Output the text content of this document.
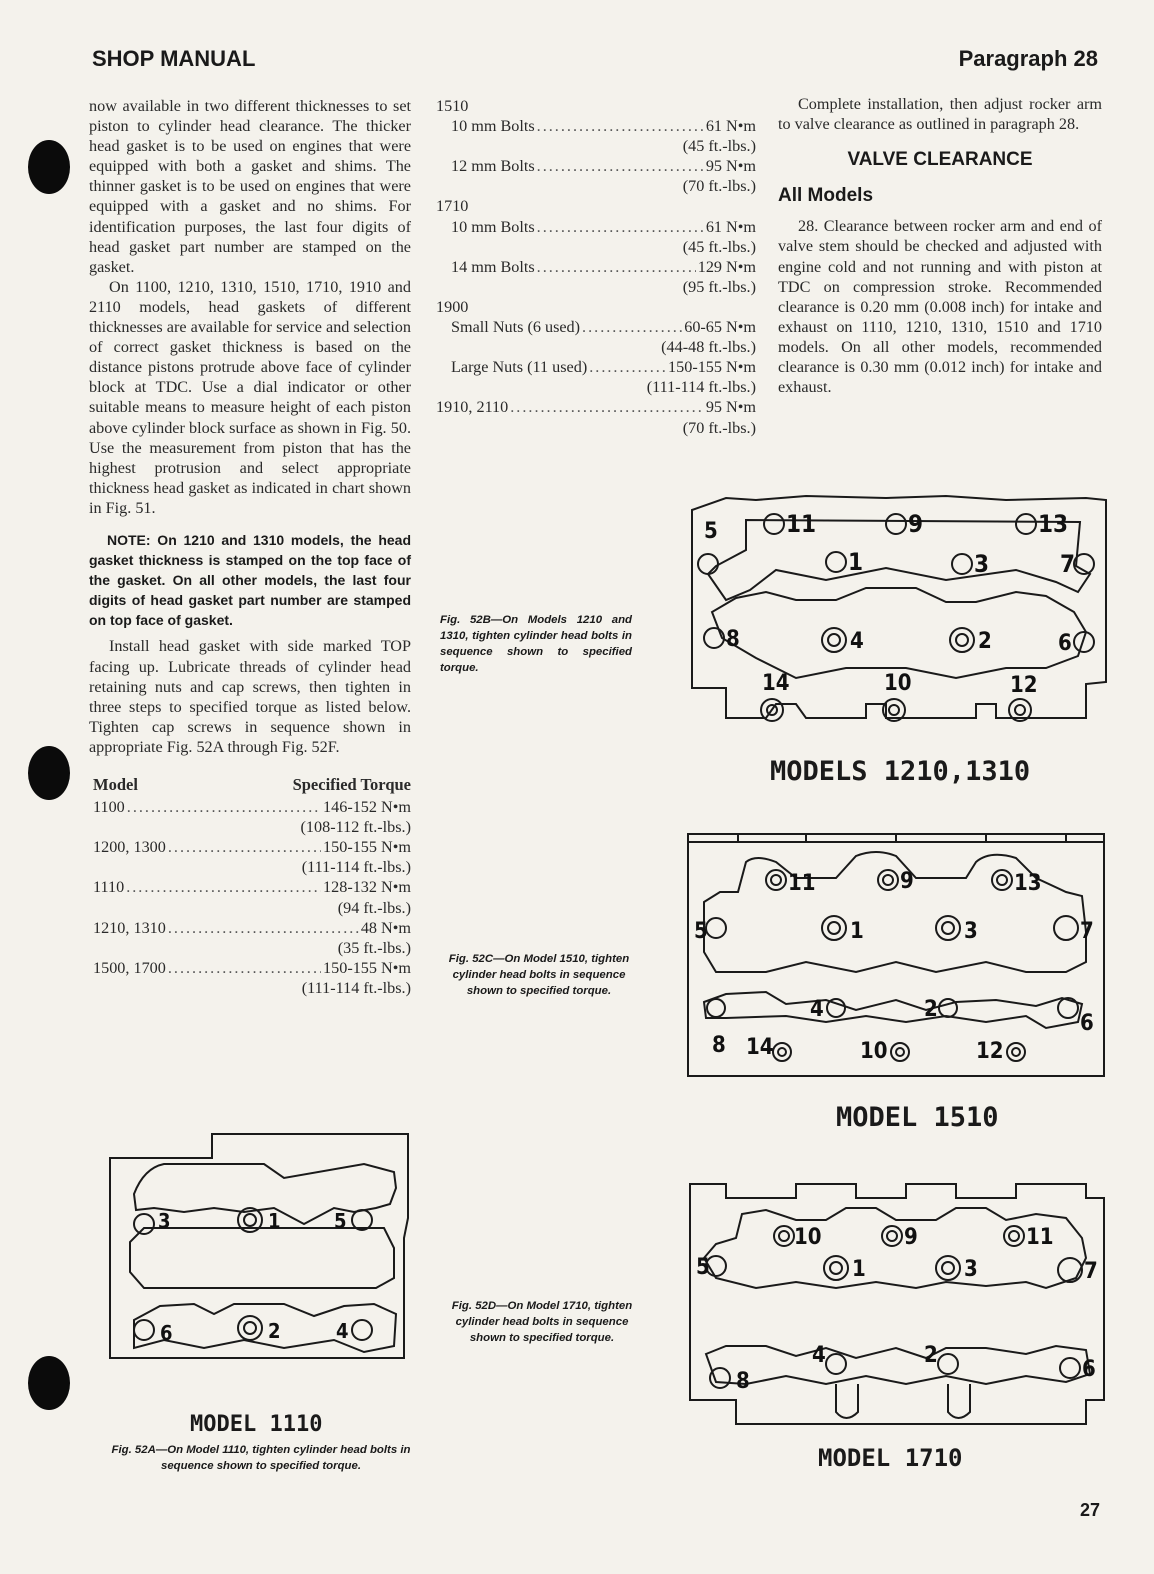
SHOP MANUAL	Paragraph 28

now available in two different thicknesses to set piston to cylinder head clearance. The thicker head gasket is to be used on engines that were equipped with both a gasket and shims. The thinner gasket is to be used on engines that were equipped with a gasket and no shims. For identification purposes, the last four digits of head gasket part number are stamped on the gasket.

On 1100, 1210, 1310, 1510, 1710, 1910 and 2110 models, head gaskets of different thicknesses are available for service and selection of correct gasket thickness is based on the distance pistons protrude above face of cylinder block at TDC. Use a dial indicator or other suitable means to measure height of each piston above cylinder block surface as shown in Fig. 50. Use the measurement from piston that has the highest protrusion and select appropriate thickness head gasket as indicated in chart shown in Fig. 51.

NOTE: On 1210 and 1310 models, the head gasket thickness is stamped on the top face of the gasket. On all other models, the last four digits of head gasket part number are stamped on top face of gasket.

Install head gasket with side marked TOP facing up. Lubricate threads of cylinder head retaining nuts and cap screws, then tighten in three steps to specified torque as listed below. Tighten cap screws in sequence shown in appropriate Fig. 52A through Fig. 52F.

Model	Specified Torque
1100 .....	146-152 N•m
(108-112 ft.-lbs.)
1200, 1300 .....	150-155 N•m
(111-114 ft.-lbs.)
1110 .....	128-132 N•m
(94 ft.-lbs.)
1210, 1310 .....	48 N•m
(35 ft.-lbs.)
1500, 1700 .....	150-155 N•m
(111-114 ft.-lbs.)
1510
10 mm Bolts .....	61 N•m
(45 ft.-lbs.)
12 mm Bolts .....	95 N•m
(70 ft.-lbs.)
1710
10 mm Bolts .....	61 N•m
(45 ft.-lbs.)
14 mm Bolts .....	129 N•m
(95 ft.-lbs.)
1900
Small Nuts (6 used) .....	60-65 N•m
(44-48 ft.-lbs.)
Large Nuts (11 used) .....	150-155 N•m
(111-114 ft.-lbs.)
1910, 2110 .....	95 N•m
(70 ft.-lbs.)
Fig. 52B—On Models 1210 and 1310, tighten cylinder head bolts in sequence shown to specified torque.
Fig. 52C—On Model 1510, tighten cylinder head bolts in sequence shown to specified torque.
Fig. 52D—On Model 1710, tighten cylinder head bolts in sequence shown to specified torque.

Complete installation, then adjust rocker arm to valve clearance as outlined in paragraph 28.

VALVE CLEARANCE
All Models

28. Clearance between rocker arm and end of valve stem should be checked and adjusted with engine cold and not running and with piston at TDC on compression stroke. Recommended clearance is 0.20 mm (0.008 inch) for intake and exhaust on 1110, 1210, 1310, 1510 and 1710 models. On all other models, recommended clearance is 0.30 mm (0.012 inch) for intake and exhaust.

5	11	9	13
1	3	7
8	4	2	6
14	10	12
MODELS 1210,1310
11	9	13
5	1	3	7
4	2
6
8 14	10	12
MODEL 1510
10	9	11
5	1	3	7
4	2
8	6
MODEL 1710
3	1	5
6	2	4
MODEL 1110
Fig. 52A—On Model 1110, tighten cylinder head bolts in sequence shown to specified torque.
27
